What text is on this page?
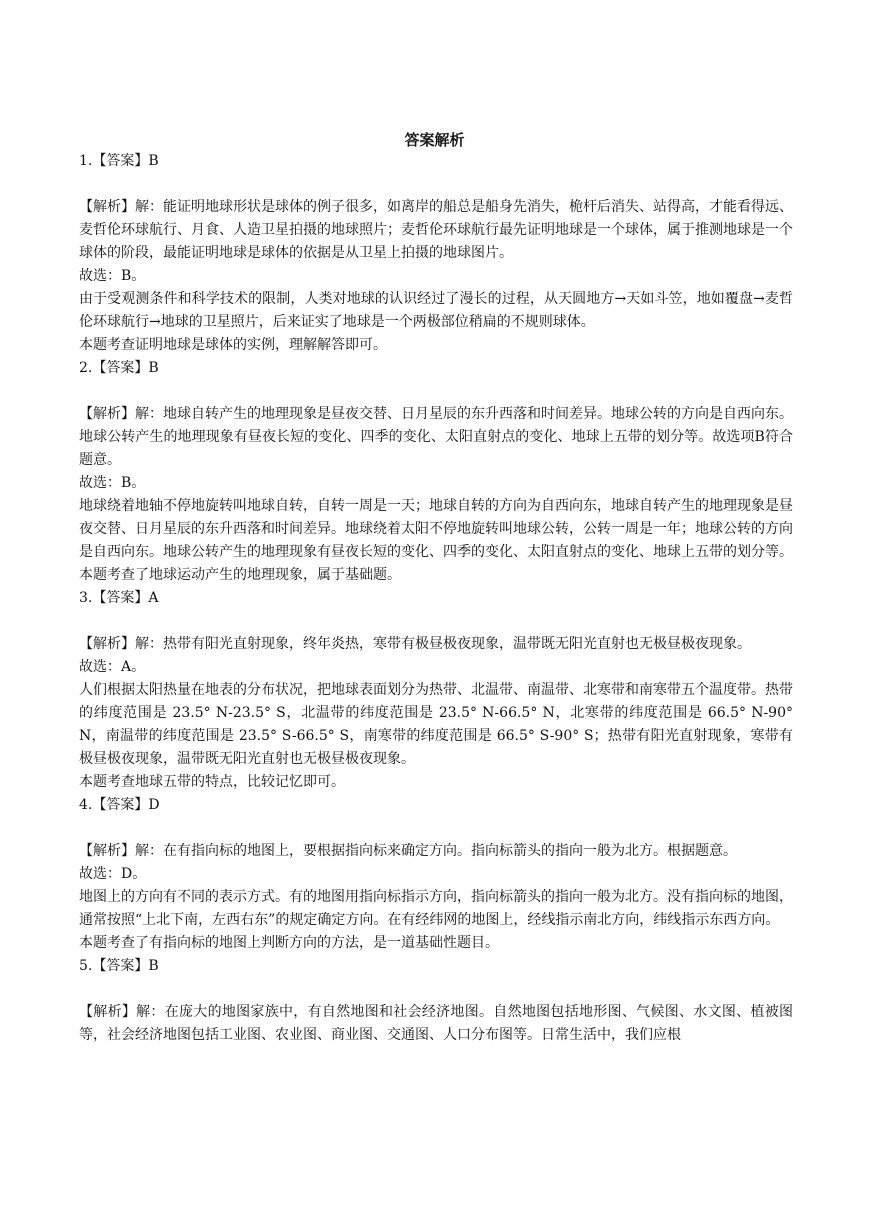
答案解析

1.【答案】B

【解析】解：能证明地球形状是球体的例子很多，如离岸的船总是船身先消失，桅杆后消失、站得高，才能看得远、麦哲伦环球航行、月食、人造卫星拍摄的地球照片；麦哲伦环球航行最先证明地球是一个球体，属于推测地球是一个球体的阶段，最能证明地球是球体的依据是从卫星上拍摄的地球图片。

故选：B。

由于受观测条件和科学技术的限制，人类对地球的认识经过了漫长的过程，从天圆地方→天如斗笠，地如覆盘→麦哲伦环球航行→地球的卫星照片，后来证实了地球是一个两极部位稍扁的不规则球体。

本题考查证明地球是球体的实例，理解解答即可。

2.【答案】B

【解析】解：地球自转产生的地理现象是昼夜交替、日月星辰的东升西落和时间差异。地球公转的方向是自西向东。地球公转产生的地理现象有昼夜长短的变化、四季的变化、太阳直射点的变化、地球上五带的划分等。故选项B符合题意。

故选：B。

地球绕着地轴不停地旋转叫地球自转，自转一周是一天；地球自转的方向为自西向东，地球自转产生的地理现象是昼夜交替、日月星辰的东升西落和时间差异。地球绕着太阳不停地旋转叫地球公转，公转一周是一年；地球公转的方向是自西向东。地球公转产生的地理现象有昼夜长短的变化、四季的变化、太阳直射点的变化、地球上五带的划分等。

本题考查了地球运动产生的地理现象，属于基础题。

3.【答案】A

【解析】解：热带有阳光直射现象，终年炎热，寒带有极昼极夜现象，温带既无阳光直射也无极昼极夜现象。

故选：A。

人们根据太阳热量在地表的分布状况，把地球表面划分为热带、北温带、南温带、北寒带和南寒带五个温度带。热带的纬度范围是 23.5° N-23.5° S，北温带的纬度范围是 23.5° N-66.5° N，北寒带的纬度范围是 66.5° N-90° N，南温带的纬度范围是 23.5° S-66.5° S，南寒带的纬度范围是 66.5° S-90° S；热带有阳光直射现象，寒带有极昼极夜现象，温带既无阳光直射也无极昼极夜现象。

本题考查地球五带的特点，比较记忆即可。

4.【答案】D

【解析】解：在有指向标的地图上，要根据指向标来确定方向。指向标箭头的指向一般为北方。根据题意。

故选：D。

地图上的方向有不同的表示方式。有的地图用指向标指示方向，指向标箭头的指向一般为北方。没有指向标的地图，通常按照“上北下南，左西右东”的规定确定方向。在有经纬网的地图上，经线指示南北方向，纬线指示东西方向。

本题考查了有指向标的地图上判断方向的方法，是一道基础性题目。

5.【答案】B

【解析】解：在庞大的地图家族中，有自然地图和社会经济地图。自然地图包括地形图、气候图、水文图、植被图等，社会经济地图包括工业图、农业图、商业图、交通图、人口分布图等。日常生活中，我们应根
